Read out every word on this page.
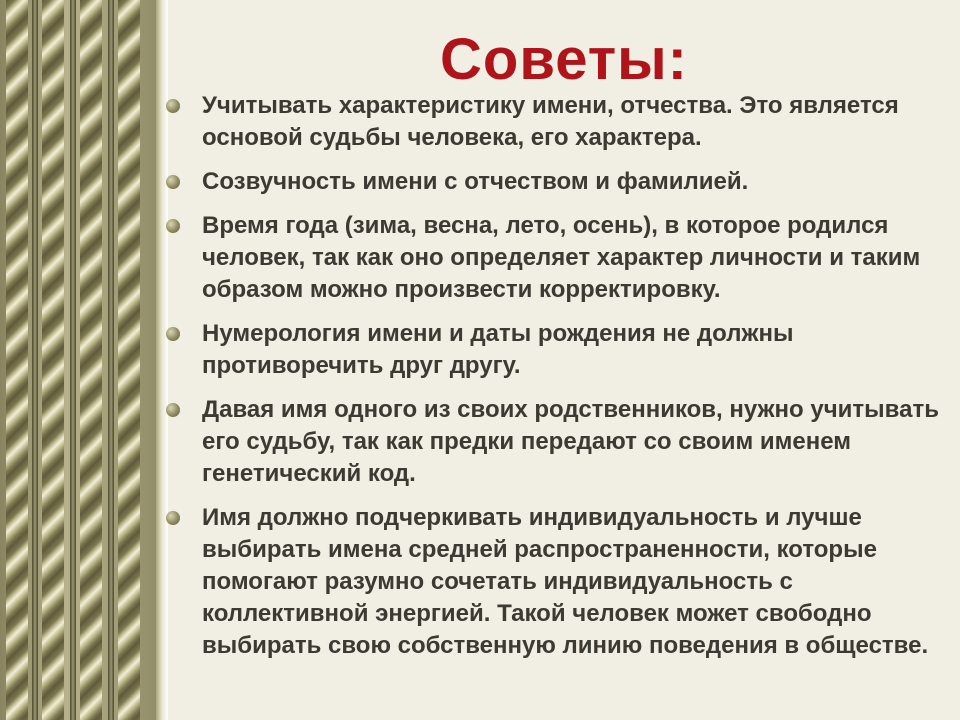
Советы:
Учитывать характеристику имени, отчества. Это является основой судьбы человека, его характера.
Созвучность имени с отчеством и фамилией.
Время года (зима, весна, лето, осень), в которое родился человек, так как оно определяет характер личности и таким образом можно произвести корректировку.
Нумерология имени и даты рождения не должны противоречить друг другу.
Давая имя одного из своих родственников, нужно учитывать его судьбу, так как предки передают со своим именем генетический код.
Имя должно подчеркивать индивидуальность и лучше выбирать имена средней распространенности, которые помогают разумно сочетать индивидуальность с коллективной энергией. Такой человек может свободно выбирать свою собственную линию поведения в обществе.
